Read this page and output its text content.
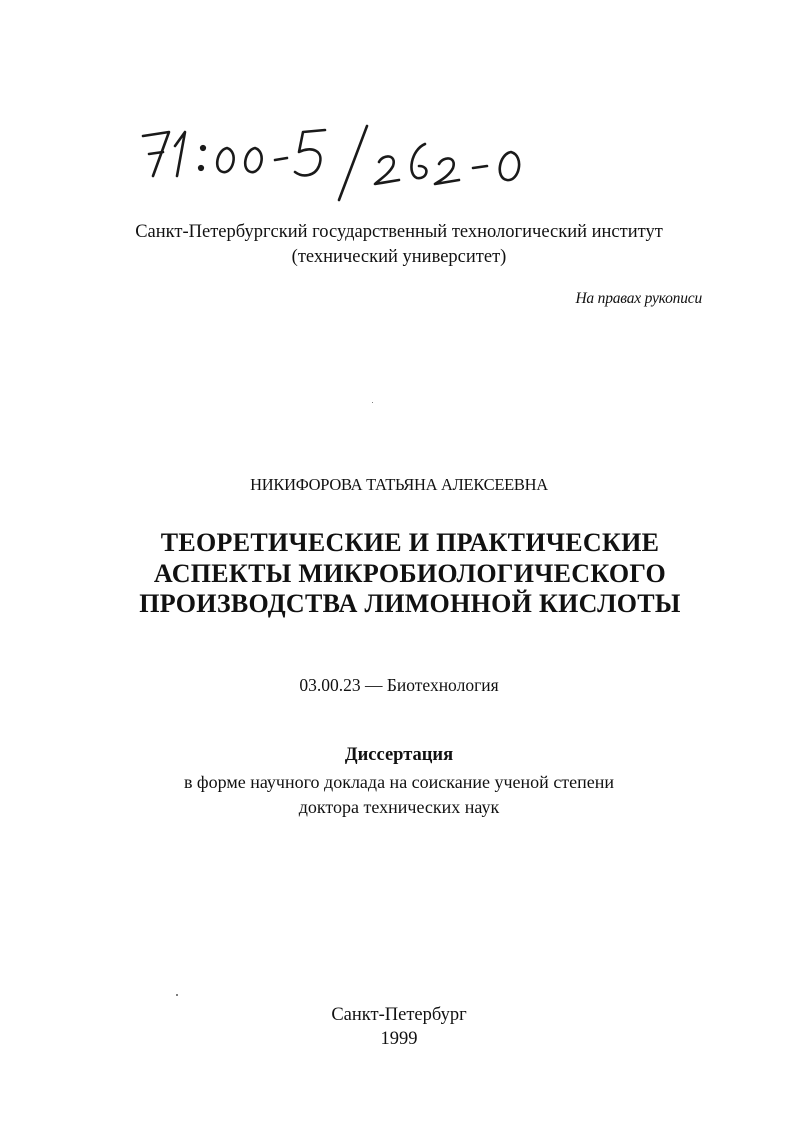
Санкт-Петербургский государственный технологический институт
(технический университет)
На правах рукописи
НИКИФОРОВА ТАТЬЯНА АЛЕКСЕЕВНА
ТЕОРЕТИЧЕСКИЕ И ПРАКТИЧЕСКИЕ
АСПЕКТЫ МИКРОБИОЛОГИЧЕСКОГО
ПРОИЗВОДСТВА ЛИМОННОЙ КИСЛОТЫ
03.00.23 — Биотехнология
Диссертация
в форме научного доклада на соискание ученой степени
доктора технических наук
Санкт-Петербург
1999
